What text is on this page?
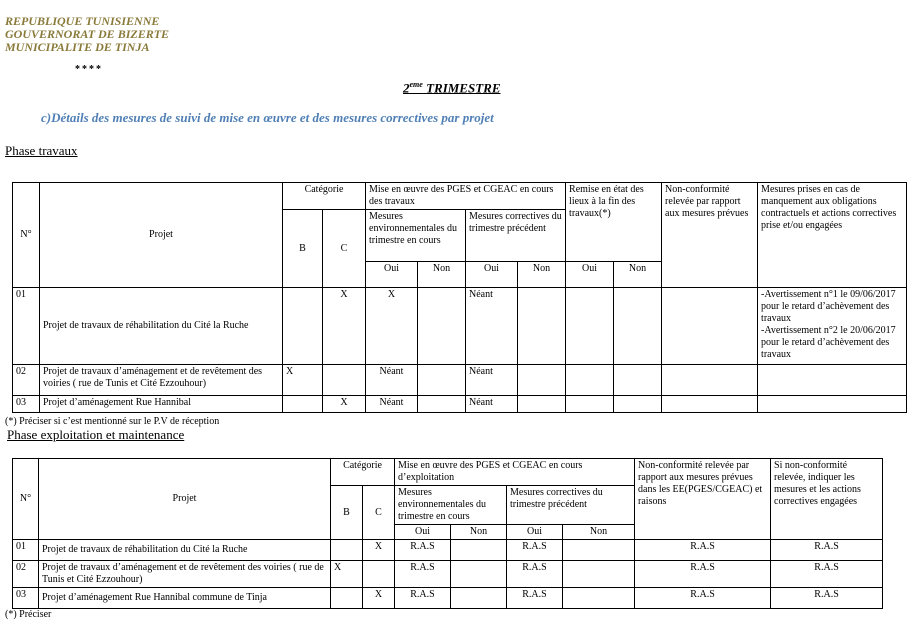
REPUBLIQUE TUNISIENNE
GOUVERNORAT DE BIZERTE
MUNICIPALITE DE TINJA
****
2eme TRIMESTRE
c)Détails des mesures de suivi de mise en œuvre et des mesures correctives par projet
Phase travaux
N°	Projet	Catégorie		Mise en œuvre des PGES et CGEAC en cours des travaux				Remise en état des lieux à la fin des travaux(*)		Non-conformité relevée par rapport aux mesures prévues	Mesures prises en cas de manquement aux obligations contractuels et actions correctives prise et/ou engagées
		B	C	Mesures environnementales du trimestre en cours		Mesures correctives du trimestre précédent					
				Oui	Non	Oui	Non	Oui	Non		
01	Projet de travaux de réhabilitation du Cité la Ruche		X	X		Néant					-Avertissement n°1 le 09/06/2017 pour le retard d’achèvement des travaux
-Avertissement n°2 le 20/06/2017 pour le retard d’achèvement des travaux

02	Projet de travaux d’aménagement et de revêtement des voiries ( rue de Tunis et Cité Ezzouhour)	X		Néant		Néant					
03	Projet d’aménagement Rue Hannibal		X	Néant		Néant					
(*) Préciser si c’est mentionné sur le P.V de réception
Phase exploitation et maintenance
N°	Projet	Catégorie		Mise en œuvre des PGES et CGEAC en cours d’exploitation				Non-conformité relevée par rapport aux mesures prévues dans les EE(PGES/CGEAC) et raisons	Si non-conformité relevée, indiquer les mesures et les actions correctives engagées
		B	C	Mesures environnementales du trimestre en cours		Mesures correctives du trimestre précédent			
				Oui	Non	Oui	Non		
01	Projet de travaux de réhabilitation du Cité la Ruche		X	R.A.S		R.A.S		R.A.S	R.A.S
02	Projet de travaux d’aménagement et de revêtement des voiries ( rue de Tunis et Cité Ezzouhour)	X		R.A.S		R.A.S		R.A.S	R.A.S
03	Projet d’aménagement Rue Hannibal commune de Tinja		X	R.A.S		R.A.S		R.A.S	R.A.S
(*) Préciser
